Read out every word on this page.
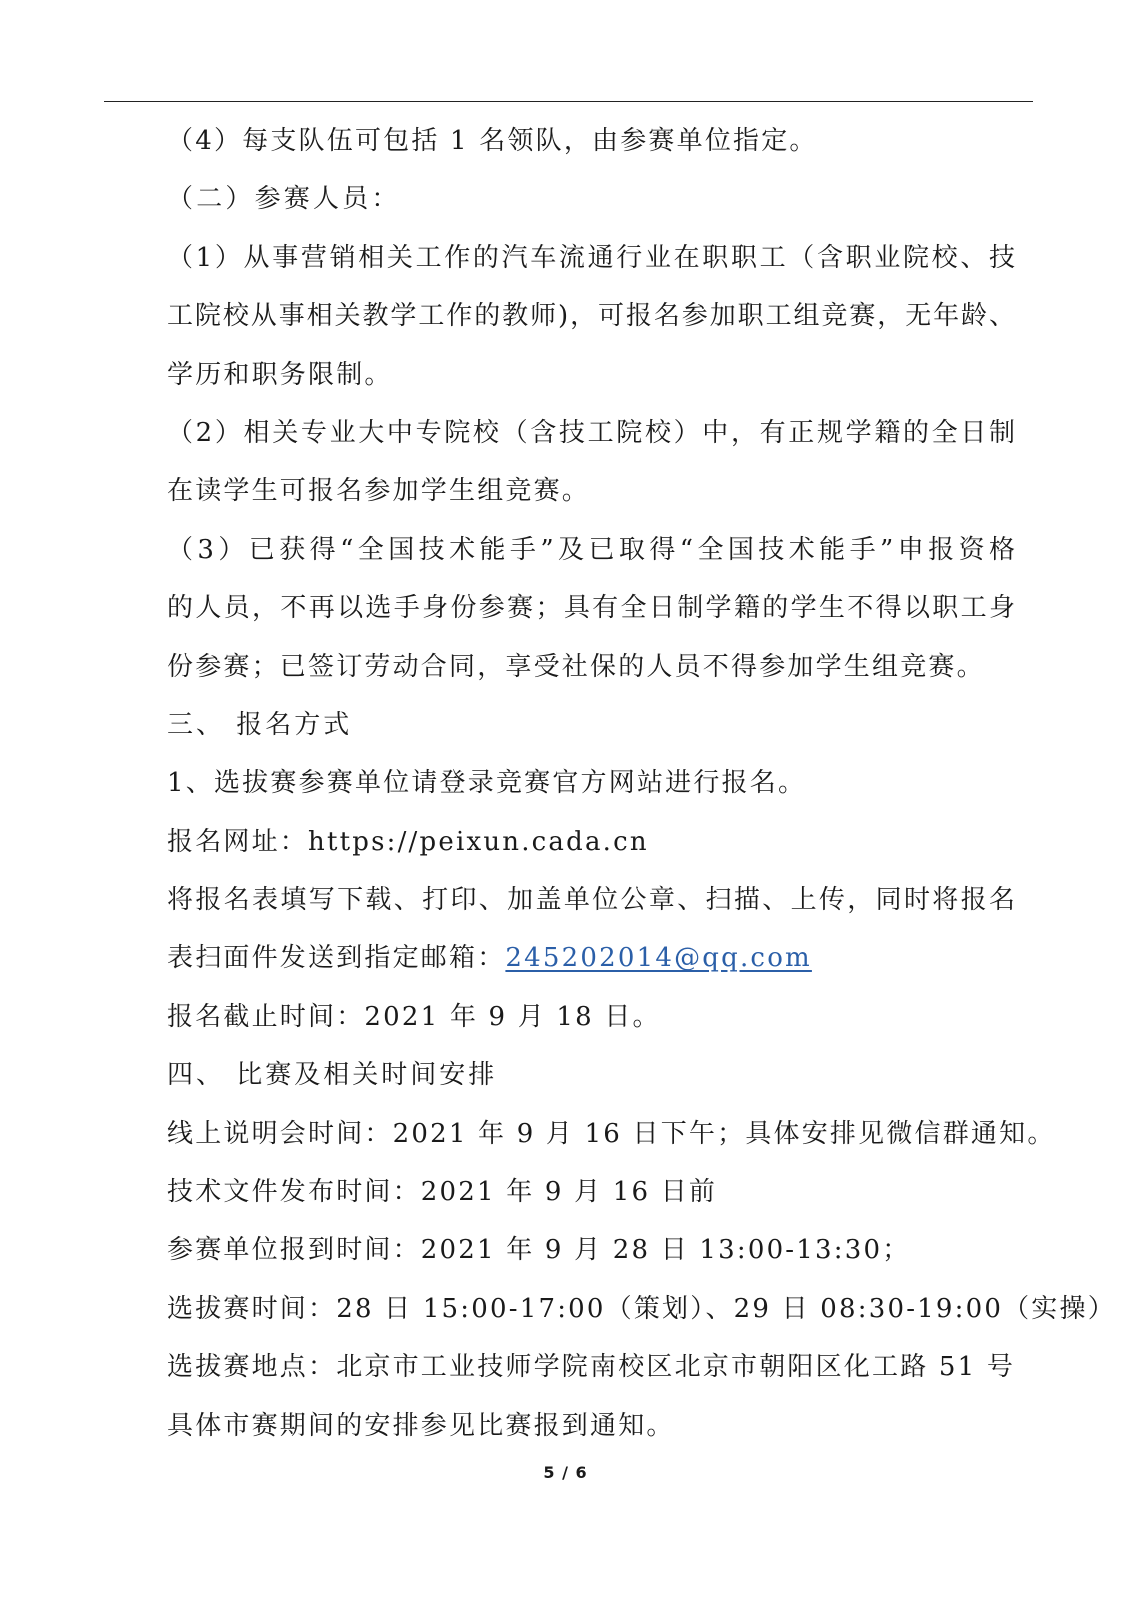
（4）每支队伍可包括 1 名领队，由参赛单位指定。
（二）参赛人员：
（1）从事营销相关工作的汽车流通行业在职职工（含职业院校、技
工院校从事相关教学工作的教师)，可报名参加职工组竞赛，无年龄、
学历和职务限制。
（2）相关专业大中专院校（含技工院校）中，有正规学籍的全日制
在读学生可报名参加学生组竞赛。
（3）已获得“全国技术能手”及已取得“全国技术能手”申报资格
的人员，不再以选手身份参赛；具有全日制学籍的学生不得以职工身
份参赛；已签订劳动合同，享受社保的人员不得参加学生组竞赛。
三、 报名方式
1、选拔赛参赛单位请登录竞赛官方网站进行报名。
报名网址：https://peixun.cada.cn
将报名表填写下载、打印、加盖单位公章、扫描、上传，同时将报名
表扫面件发送到指定邮箱：245202014@qq.com
报名截止时间：2021 年 9 月 18 日。
四、 比赛及相关时间安排
线上说明会时间：2021 年 9 月 16 日下午；具体安排见微信群通知。
技术文件发布时间：2021 年 9 月 16 日前
参赛单位报到时间：2021 年 9 月 28 日 13:00-13:30；
选拔赛时间：28 日 15:00-17:00（策划）、29 日 08:30-19:00（实操）
选拔赛地点：北京市工业技师学院南校区北京市朝阳区化工路 51 号
具体市赛期间的安排参见比赛报到通知。
5 / 6
